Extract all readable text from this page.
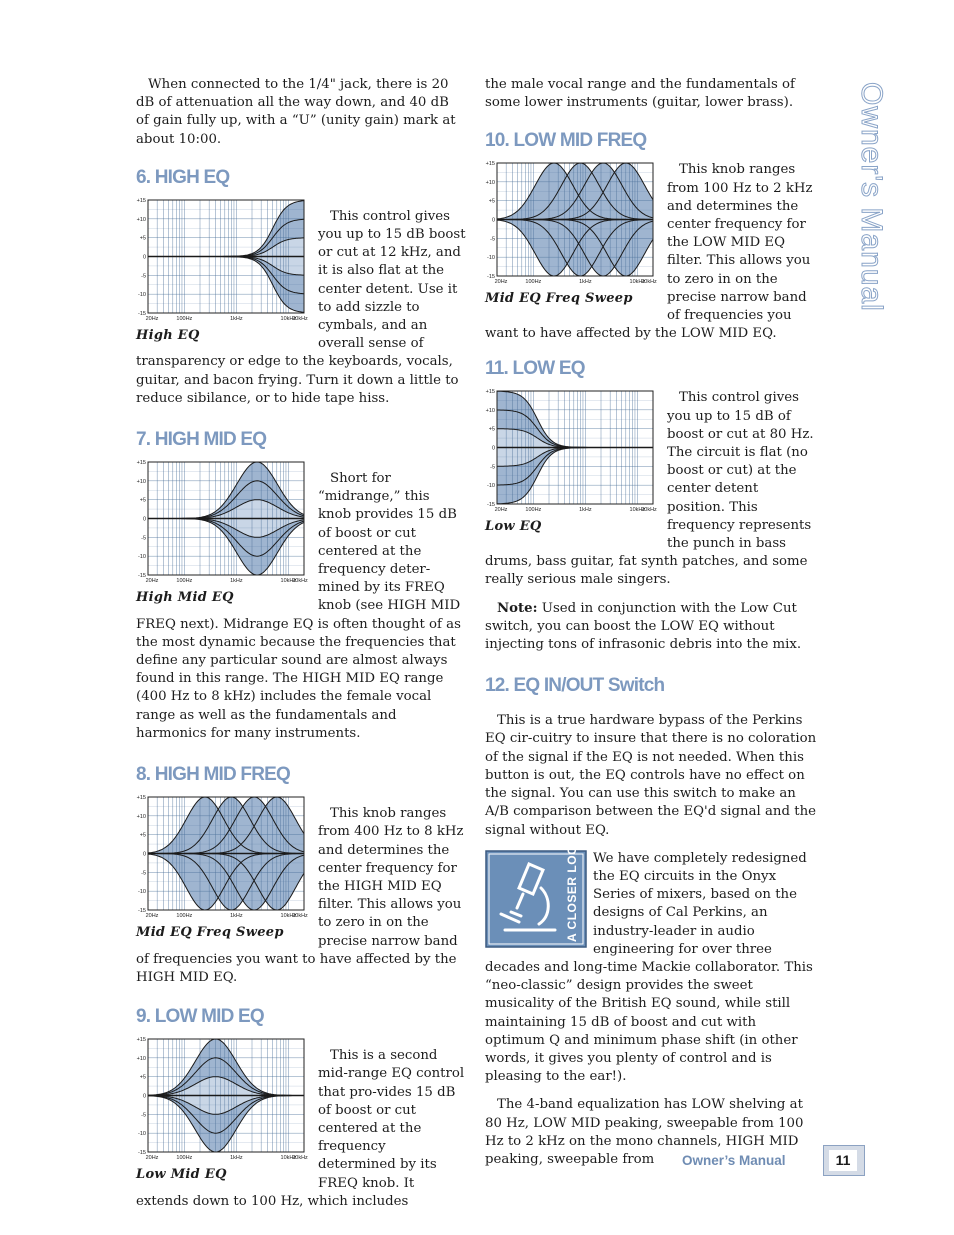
Owner's Manual

When connected to the 1/4" jack, there is 20 dB of attenuation all the way down, and 40 dB of gain fully up, with a “U” (unity gain) mark at about 10:00.

6. HIGH EQ
+15
+10
+5
0
-5
-10
-15
20Hz	100Hz	1kHz	10kHz
20kHz
High EQ

This control gives you up to 15 dB boost or cut at 12 kHz, and it is also flat at the center detent. Use it to add sizzle to cymbals, and an overall sense of transparency or edge to the keyboards, vocals, guitar, and bacon frying. Turn it down a little to reduce sibilance, or to hide tape hiss.

7. HIGH MID EQ
+15
+10
+5
0
-5
-10
-15
20Hz	100Hz	1kHz	10kHz
20kHz
High Mid EQ

Short for “midrange,” this knob provides 15 dB of boost or cut centered at the frequency deter-mined by its FREQ knob (see HIGH MID FREQ next). Midrange EQ is often thought of as the most dynamic because the frequencies that define any particular sound are almost always found in this range. The HIGH MID EQ range (400 Hz to 8 kHz) includes the female vocal range as well as the fundamentals and harmonics for many instruments.

8. HIGH MID FREQ
+15
+10
+5
0
-5
-10
-15
20Hz	100Hz	1kHz	10kHz
20kHz
Mid EQ Freq Sweep

This knob ranges from 400 Hz to 8 kHz and determines the center frequency for the HIGH MID EQ filter. This allows you to zero in on the precise narrow band of frequencies you want to have affected by the HIGH MID EQ.

9. LOW MID EQ
+15
+10
+5
0
-5
-10
-15
20Hz	100Hz	1kHz	10kHz
20kHz
Low Mid EQ

This is a second mid-range EQ control that pro-vides 15 dB of boost or cut centered at the frequency determined by its FREQ knob. It extends down to 100 Hz, which includes

the male vocal range and the fundamentals of some lower instruments (guitar, lower brass).

10. LOW MID FREQ
+15
+10
+5
0
-5
-10
-15
20Hz	100Hz	1kHz	10kHz
20kHz
Mid EQ Freq Sweep

This knob ranges from 100 Hz to 2 kHz and determines the center frequency for the LOW MID EQ filter. This allows you to zero in on the precise narrow band of frequencies you want to have affected by the LOW MID EQ.

11. LOW EQ
+15
+10
+5
0
-5
-10
-15
20Hz	100Hz	1kHz	10kHz
20kHz
Low EQ

This control gives you up to 15 dB of boost or cut at 80 Hz. The circuit is flat (no boost or cut) at the center detent position. This frequency represents the punch in bass drums, bass guitar, fat synth patches, and some really serious male singers.

Note: Used in conjunction with the Low Cut switch, you can boost the LOW EQ without injecting tons of infrasonic debris into the mix.

12. EQ IN/OUT Switch

This is a true hardware bypass of the Perkins EQ cir-cuitry to insure that there is no coloration of the signal if the EQ is not needed. When this button is out, the EQ controls have no effect on the signal. You can use this switch to make an A/B comparison between the EQ'd signal and the signal without EQ.

A CLOSER LOOK	We have completely redesigned the EQ circuits in the Onyx Series of mixers, based on the designs of Cal Perkins, an industry-leader in audio engineering for over three decades and long-time Mackie collaborator. This “neo-classic” design provides the sweet musicality of the British EQ sound, while still maintaining 15 dB of boost and cut with optimum Q and minimum phase shift (in other words, it gives you plenty of control and is pleasing to the ear!).

The 4-band equalization has LOW shelving at 80 Hz, LOW MID peaking, sweepable from 100 Hz to 2 kHz on the mono channels, HIGH MID peaking, sweepable from	Owner’s Manual	11
